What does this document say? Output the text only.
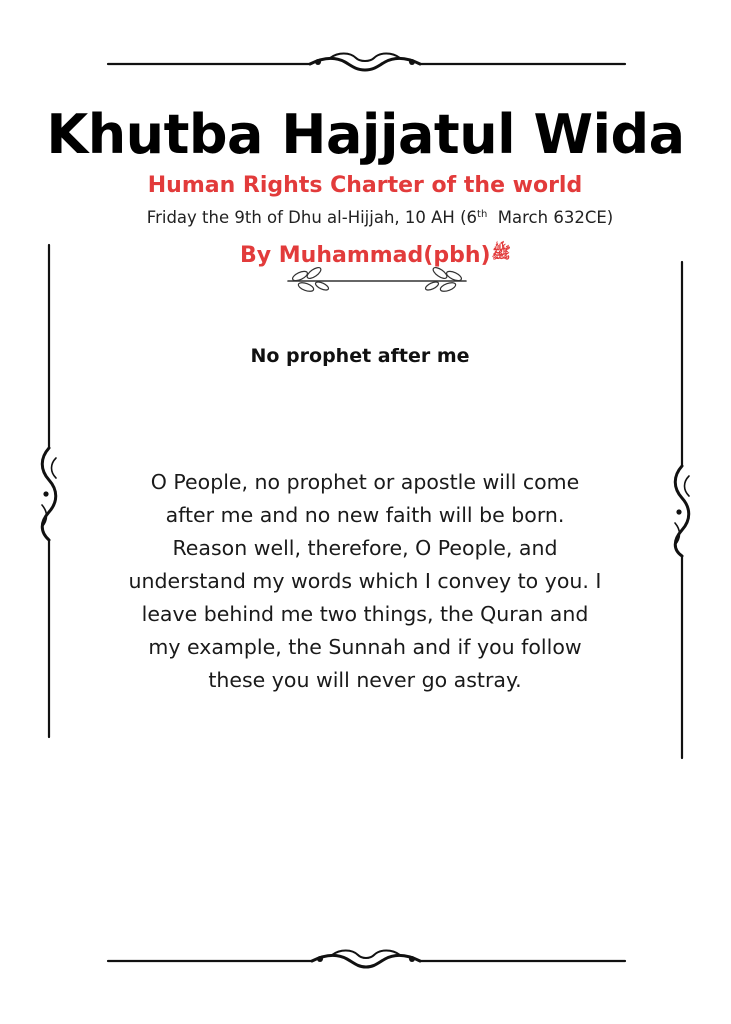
Khutba Hajjatul Wida
Human Rights Charter of the world
Friday the 9th of Dhu al-Hijjah, 10 AH (6th  March 632CE)
By Muhammad(pbh)ﷺ
No prophet after me
O People, no prophet or apostle will come after me and no new faith will be born. Reason well, therefore, O People, and understand my words which I convey to you. I leave behind me two things, the Quran and my example, the Sunnah and if you follow these you will never go astray.
